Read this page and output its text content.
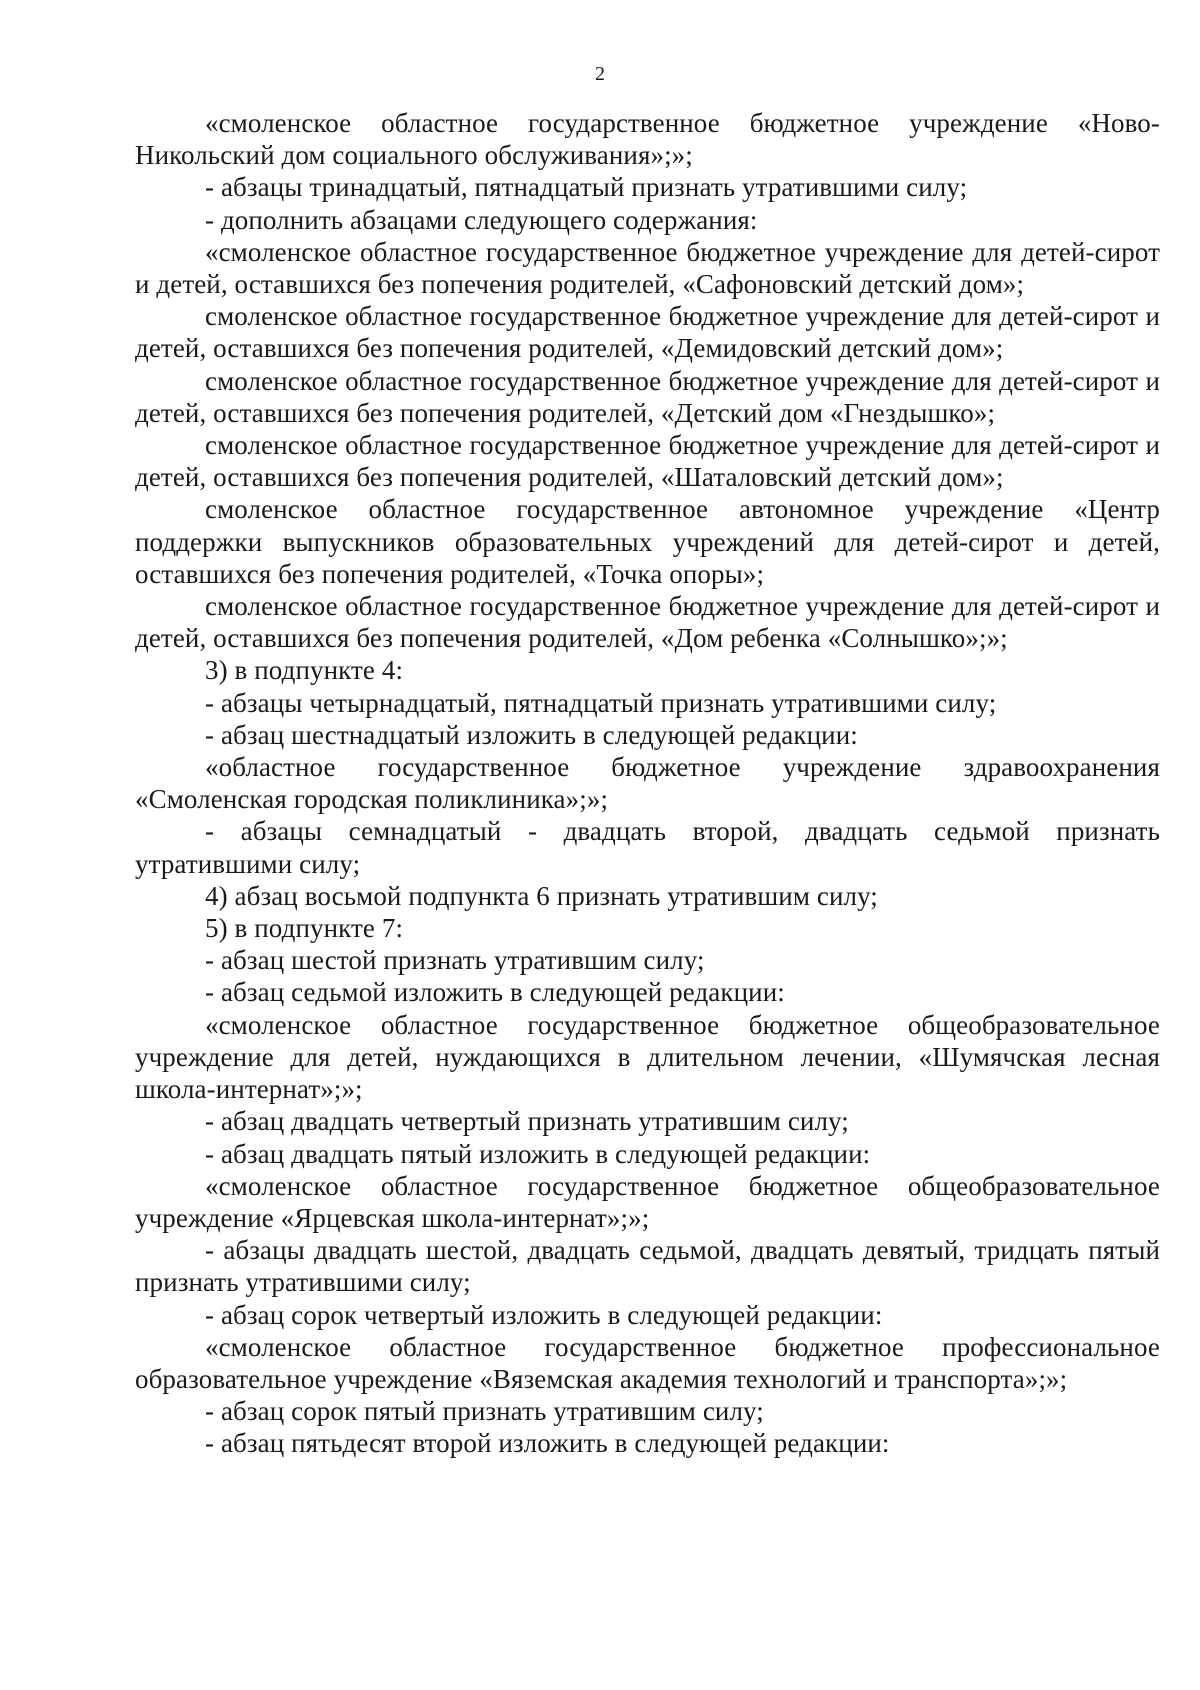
2

«смоленское областное государственное бюджетное учреждение «Ново-Никольский дом социального обслуживания»;»;

- абзацы тринадцатый, пятнадцатый признать утратившими силу;

- дополнить абзацами следующего содержания:

«смоленское областное государственное бюджетное учреждение для детей-сирот и детей, оставшихся без попечения родителей, «Сафоновский детский дом»;

смоленское областное государственное бюджетное учреждение для детей-сирот и детей, оставшихся без попечения родителей, «Демидовский детский дом»;

смоленское областное государственное бюджетное учреждение для детей-сирот и детей, оставшихся без попечения родителей, «Детский дом «Гнездышко»;

смоленское областное государственное бюджетное учреждение для детей-сирот и детей, оставшихся без попечения родителей, «Шаталовский детский дом»;

смоленское областное государственное автономное учреждение «Центр поддержки выпускников образовательных учреждений для детей-сирот и детей, оставшихся без попечения родителей, «Точка опоры»;

смоленское областное государственное бюджетное учреждение для детей-сирот и детей, оставшихся без попечения родителей, «Дом ребенка «Солнышко»;»;

3) в подпункте 4:

- абзацы четырнадцатый, пятнадцатый признать утратившими силу;

- абзац шестнадцатый изложить в следующей редакции:

«областное государственное бюджетное учреждение здравоохранения «Смоленская городская поликлиника»;»;

- абзацы семнадцатый - двадцать второй, двадцать седьмой признать утратившими силу;

4) абзац восьмой подпункта 6 признать утратившим силу;

5) в подпункте 7:

- абзац шестой признать утратившим силу;

- абзац седьмой изложить в следующей редакции:

«смоленское областное государственное бюджетное общеобразовательное учреждение для детей, нуждающихся в длительном лечении, «Шумячская лесная школа-интернат»;»;

- абзац двадцать четвертый признать утратившим силу;

- абзац двадцать пятый изложить в следующей редакции:

«смоленское областное государственное бюджетное общеобразовательное учреждение «Ярцевская школа-интернат»;»;

- абзацы двадцать шестой, двадцать седьмой, двадцать девятый, тридцать пятый признать утратившими силу;

- абзац сорок четвертый изложить в следующей редакции:

«смоленское областное государственное бюджетное профессиональное образовательное учреждение «Вяземская академия технологий и транспорта»;»;

- абзац сорок пятый признать утратившим силу;

- абзац пятьдесят второй изложить в следующей редакции:
